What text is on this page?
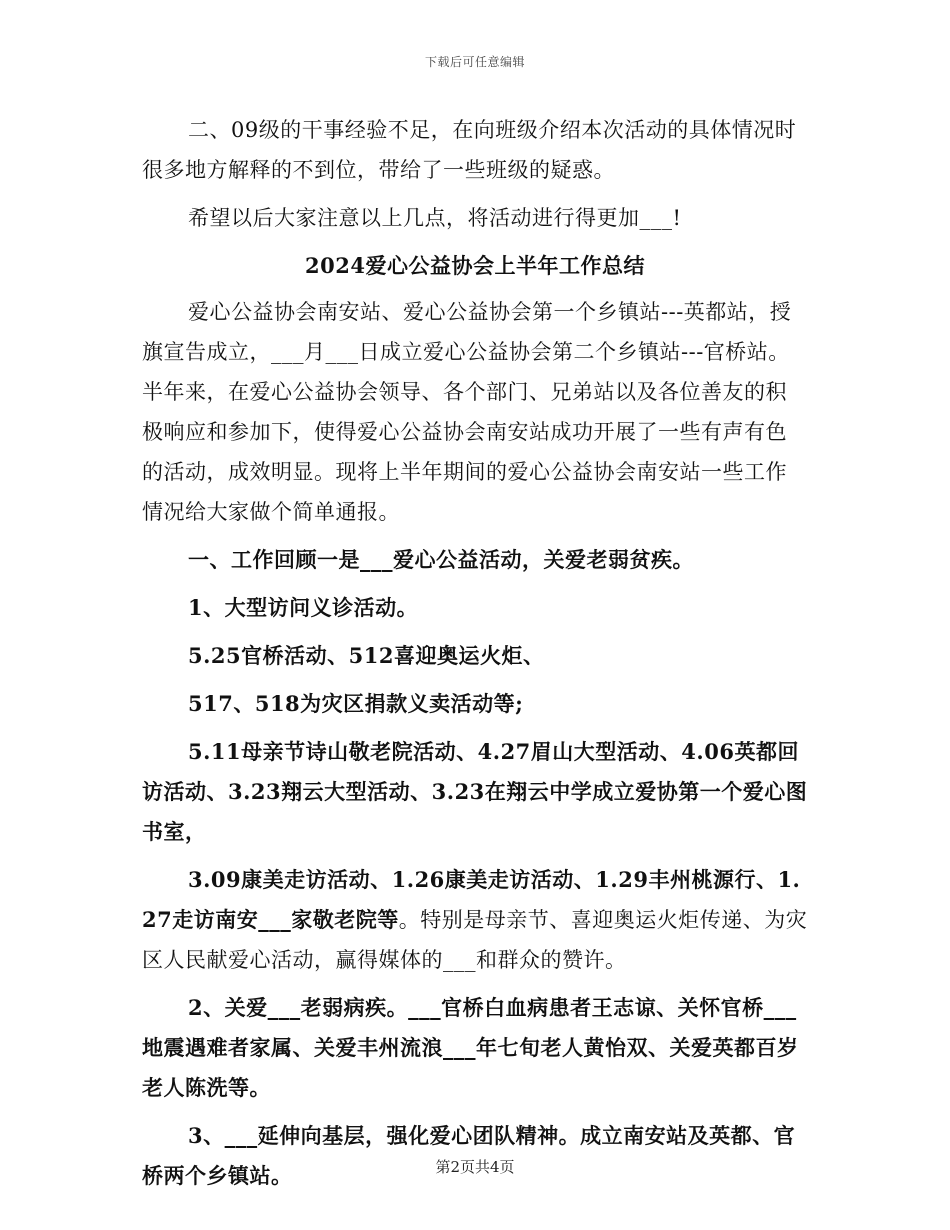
下载后可任意编辑

二、09级的干事经验不足，在向班级介绍本次活动的具体情况时很多地方解释的不到位，带给了一些班级的疑惑。

希望以后大家注意以上几点，将活动进行得更加___!

2024爱心公益协会上半年工作总结

爱心公益协会南安站、爱心公益协会第一个乡镇站---英都站，授旗宣告成立，___月___日成立爱心公益协会第二个乡镇站---官桥站。半年来，在爱心公益协会领导、各个部门、兄弟站以及各位善友的积极响应和参加下，使得爱心公益协会南安站成功开展了一些有声有色的活动，成效明显。现将上半年期间的爱心公益协会南安站一些工作情况给大家做个简单通报。

一、工作回顾一是___爱心公益活动，关爱老弱贫疾。

1、大型访问义诊活动。

5.25官桥活动、512喜迎奥运火炬、

517、518为灾区捐款义卖活动等;

5.11母亲节诗山敬老院活动、4.27眉山大型活动、4.06英都回访活动、3.23翔云大型活动、3.23在翔云中学成立爱协第一个爱心图书室，

3.09康美走访活动、1.26康美走访活动、1.29丰州桃源行、1.27走访南安___家敬老院等。特别是母亲节、喜迎奥运火炬传递、为灾区人民献爱心活动，赢得媒体的___和群众的赞许。

2、关爱___老弱病疾。___官桥白血病患者王志谅、关怀官桥___地震遇难者家属、关爱丰州流浪___年七旬老人黄怡双、关爱英都百岁老人陈洗等。

3、___延伸向基层，强化爱心团队精神。成立南安站及英都、官桥两个乡镇站。	第2页共4页
